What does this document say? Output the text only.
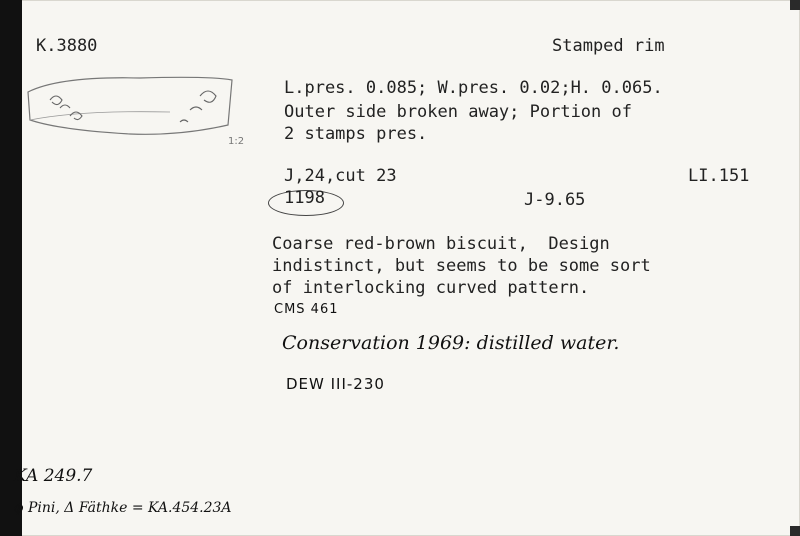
K.3880	Stamped rim
1:2
L.pres. 0.085; W.pres. 0.02;H. 0.065.
Outer side broken away; Portion of
2 stamps pres.
J,24,cut 23	LI.151
1198	J-9.65
Coarse red-brown biscuit,  Design
indistinct, but seems to be some sort
of interlocking curved pattern.
CMS 461
Conservation 1969: distilled water.
DEW III-230
KA 249.7
ϕ Pini, Δ Fäthke = KA.454.23A
